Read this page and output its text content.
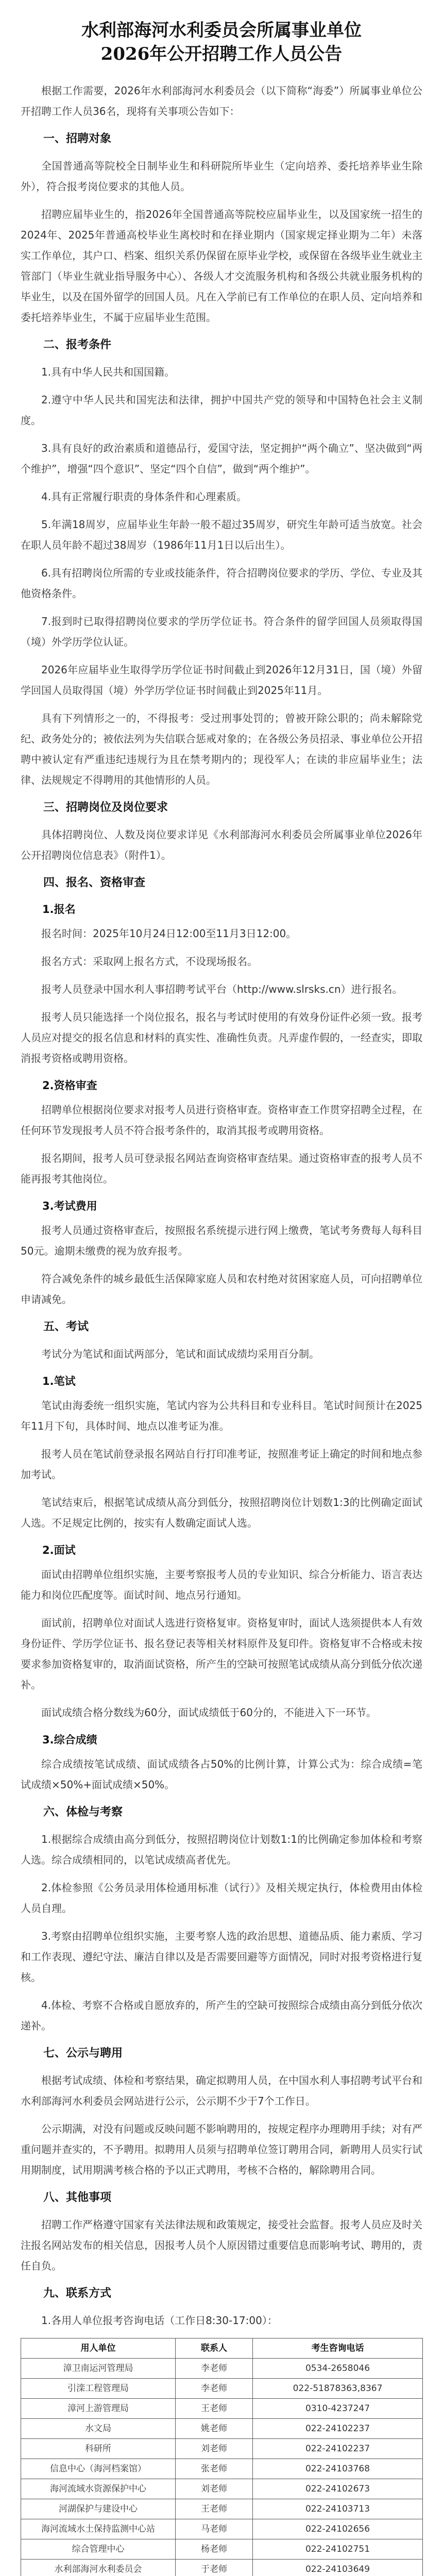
水利部海河水利委员会所属事业单位
2026年公开招聘工作人员公告

根据工作需要，2026年水利部海河水利委员会（以下简称“海委”）所属事业单位公开招聘工作人员36名，现将有关事项公告如下：

一、招聘对象

全国普通高等院校全日制毕业生和科研院所毕业生（定向培养、委托培养毕业生除外），符合报考岗位要求的其他人员。

招聘应届毕业生的，指2026年全国普通高等院校应届毕业生，以及国家统一招生的2024年、2025年普通高校毕业生离校时和在择业期内（国家规定择业期为二年）未落实工作单位，其户口、档案、组织关系仍保留在原毕业学校，或保留在各级毕业生就业主管部门（毕业生就业指导服务中心）、各级人才交流服务机构和各级公共就业服务机构的毕业生，以及在国外留学的回国人员。凡在入学前已有工作单位的在职人员、定向培养和委托培养毕业生，不属于应届毕业生范围。

二、报考条件

1.具有中华人民共和国国籍。

2.遵守中华人民共和国宪法和法律，拥护中国共产党的领导和中国特色社会主义制度。

3.具有良好的政治素质和道德品行，爱国守法，坚定拥护“两个确立”、坚决做到“两个维护”，增强“四个意识”、坚定“四个自信”，做到“两个维护”。

4.具有正常履行职责的身体条件和心理素质。

5.年满18周岁，应届毕业生年龄一般不超过35周岁，研究生年龄可适当放宽。社会在职人员年龄不超过38周岁（1986年11月1日以后出生）。

6.具有招聘岗位所需的专业或技能条件，符合招聘岗位要求的学历、学位、专业及其他资格条件。

7.报到时已取得招聘岗位要求的学历学位证书。符合条件的留学回国人员须取得国（境）外学历学位认证。

2026年应届毕业生取得学历学位证书时间截止到2026年12月31日，国（境）外留学回国人员取得国（境）外学历学位证书时间截止到2025年11月。

具有下列情形之一的，不得报考：受过刑事处罚的；曾被开除公职的；尚未解除党纪、政务处分的；被依法列为失信联合惩戒对象的；在各级公务员招录、事业单位公开招聘中被认定有严重违纪违规行为且在禁考期内的；现役军人；在读的非应届毕业生；法律、法规规定不得聘用的其他情形的人员。

三、招聘岗位及岗位要求

具体招聘岗位、人数及岗位要求详见《水利部海河水利委员会所属事业单位2026年公开招聘岗位信息表》（附件1）。

四、报名、资格审查

1.报名

报名时间：2025年10月24日12:00至11月3日12:00。

报名方式：采取网上报名方式，不设现场报名。

报考人员登录中国水利人事招聘考试平台（http://www.slrsks.cn）进行报名。

报考人员只能选择一个岗位报名，报名与考试时使用的有效身份证件必须一致。报考人员应对提交的报名信息和材料的真实性、准确性负责。凡弄虚作假的，一经查实，即取消报考资格或聘用资格。

2.资格审查

招聘单位根据岗位要求对报考人员进行资格审查。资格审查工作贯穿招聘全过程，在任何环节发现报考人员不符合报考条件的，取消其报考或聘用资格。

报名期间，报考人员可登录报名网站查询资格审查结果。通过资格审查的报考人员不能再报考其他岗位。

3.考试费用

报考人员通过资格审查后，按照报名系统提示进行网上缴费，笔试考务费每人每科目50元。逾期未缴费的视为放弃报考。

符合减免条件的城乡最低生活保障家庭人员和农村绝对贫困家庭人员，可向招聘单位申请减免。

五、考试

考试分为笔试和面试两部分，笔试和面试成绩均采用百分制。

1.笔试

笔试由海委统一组织实施，笔试内容为公共科目和专业科目。笔试时间预计在2025年11月下旬，具体时间、地点以准考证为准。

报考人员在笔试前登录报名网站自行打印准考证，按照准考证上确定的时间和地点参加考试。

笔试结束后，根据笔试成绩从高分到低分，按照招聘岗位计划数1:3的比例确定面试人选。不足规定比例的，按实有人数确定面试人选。

2.面试

面试由招聘单位组织实施，主要考察报考人员的专业知识、综合分析能力、语言表达能力和岗位匹配度等。面试时间、地点另行通知。

面试前，招聘单位对面试人选进行资格复审。资格复审时，面试人选须提供本人有效身份证件、学历学位证书、报名登记表等相关材料原件及复印件。资格复审不合格或未按要求参加资格复审的，取消面试资格，所产生的空缺可按照笔试成绩从高分到低分依次递补。

面试成绩合格分数线为60分，面试成绩低于60分的，不能进入下一环节。

3.综合成绩

综合成绩按笔试成绩、面试成绩各占50%的比例计算，计算公式为：综合成绩=笔试成绩×50%+面试成绩×50%。

六、体检与考察

1.根据综合成绩由高分到低分，按照招聘岗位计划数1:1的比例确定参加体检和考察人选。综合成绩相同的，以笔试成绩高者优先。

2.体检参照《公务员录用体检通用标准（试行）》及相关规定执行，体检费用由体检人员自理。

3.考察由招聘单位组织实施，主要考察人选的政治思想、道德品质、能力素质、学习和工作表现、遵纪守法、廉洁自律以及是否需要回避等方面情况，同时对报考资格进行复核。

4.体检、考察不合格或自愿放弃的，所产生的空缺可按照综合成绩由高分到低分依次递补。

七、公示与聘用

根据考试成绩、体检和考察结果，确定拟聘用人员，在中国水利人事招聘考试平台和水利部海河水利委员会网站进行公示，公示期不少于7个工作日。

公示期满，对没有问题或反映问题不影响聘用的，按规定程序办理聘用手续；对有严重问题并查实的，不予聘用。拟聘用人员须与招聘单位签订聘用合同，新聘用人员实行试用期制度，试用期满考核合格的予以正式聘用，考核不合格的，解除聘用合同。

八、其他事项

招聘工作严格遵守国家有关法律法规和政策规定，接受社会监督。报考人员应及时关注报名网站发布的相关信息，因报考人员个人原因错过重要信息而影响考试、聘用的，责任自负。

九、联系方式

1.各用人单位报考咨询电话（工作日8:30-17:00）：

用人单位	联系人	考生咨询电话
漳卫南运河管理局	李老师	0534-2658046
引滦工程管理局	李老师	022-51878363,8367
漳河上游管理局	王老师	0310-4237247
水文局	姚老师	022-24102237
科研所	刘老师	022-24102237
信息中心（海河档案馆）	张老师	022-24103768
海河流域水资源保护中心	刘老师	022-24102673
河湖保护与建设中心	王老师	022-24103713
海河流域水土保持监测中心站	马老师	022-24102656
综合管理中心	杨老师	022-24102751
水利部海河水利委员会	于老师	022-24103649
